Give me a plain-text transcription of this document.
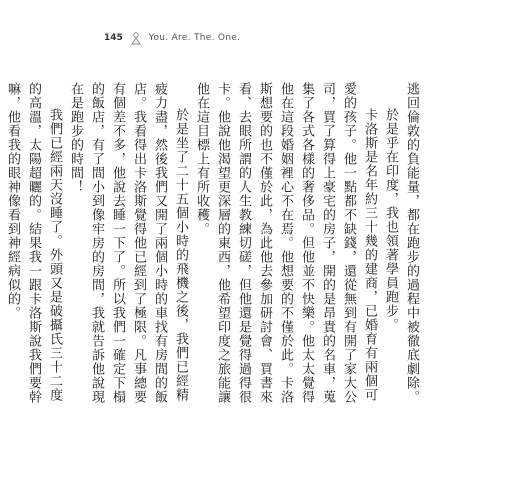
145	You. Are. The. One.

逃回倫敦的負能量，都在跑步的過程中被徹底劇除。

於是乎在印度，我也領著學員跑步。

卡洛斯是名年約三十幾的建商，已婚育有兩個可愛的孩子。他一點都不缺錢，還從無到有開了家大公司，買了算得上豪宅的房子，開的是昂貴的名車，蒐集了各式各樣的奢侈品。但他並不快樂。他太太覺得他在這段婚姻裡心不在焉。他想要的不僅於此。卡洛斯想要的也不僅於此，為此他去參加研討會、買書來看、去眼所謂的人生教練切磋，但他還是覺得過得很卡。他說他渴望更深層的東西，他希望印度之旅能讓他在這目標上有所收穫。

於是坐了二十五個小時的飛機之後，我們已經精疲力盡，然後我們又開了兩個小時的車找有房間的飯店。我看得出卡洛斯覺得他已經到了極限。凡事總要有個差不多，他說去睡一下了。所以我們一確定下榻的飯店，有了間小到像牢房的房間，我就告訴他說現在是跑步的時間！

我們已經兩天沒睡了。外頭又是破攝氏三十二度的高溫，太陽超曬的。結果我一跟卡洛斯說我們要幹嘛，他看我的眼神像看到神經病似的。
